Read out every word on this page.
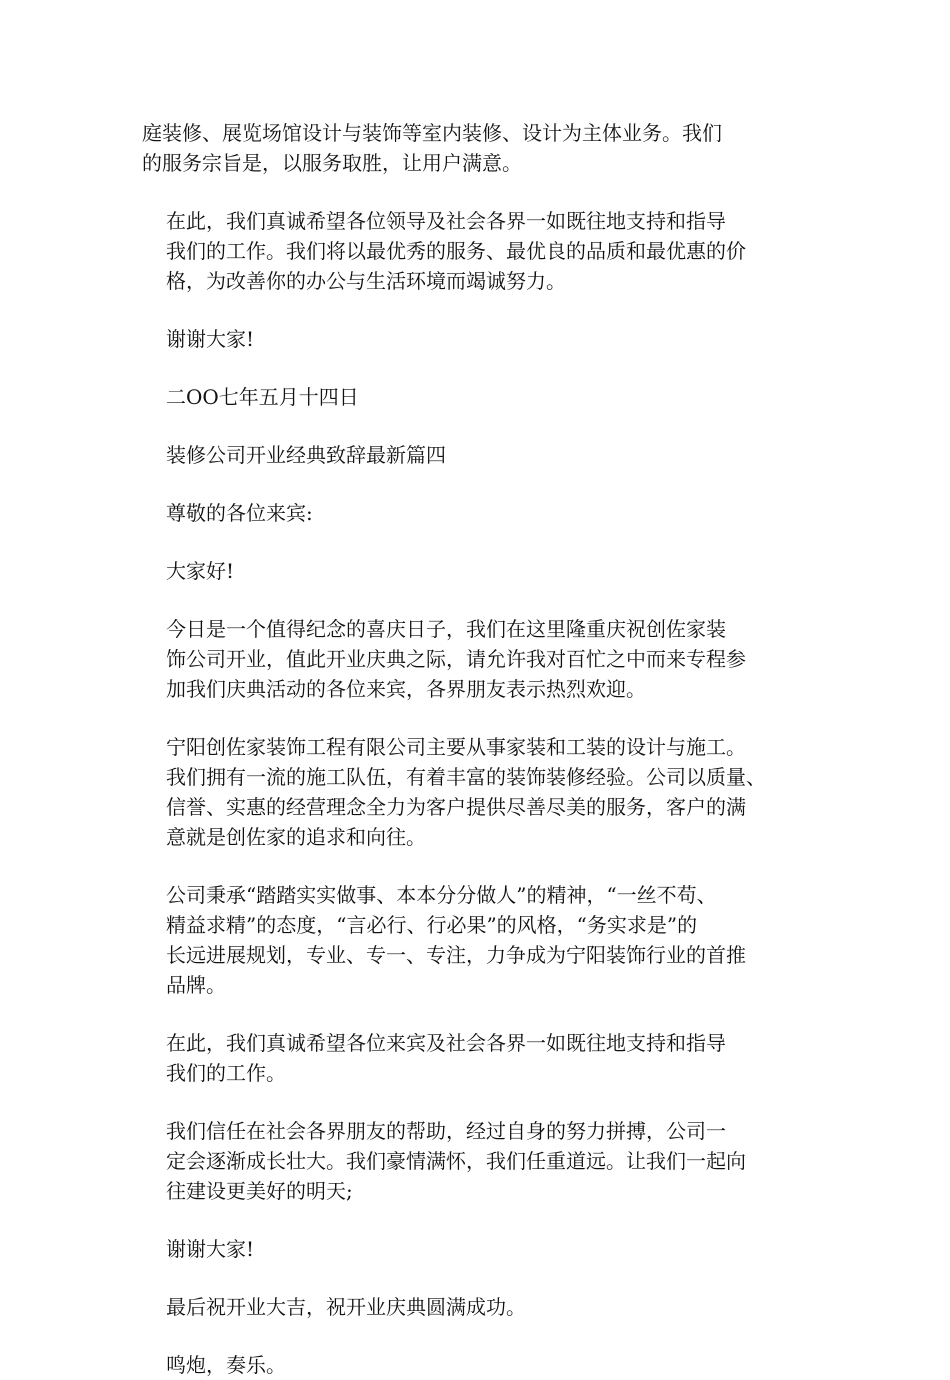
庭装修、展览场馆设计与装饰等室内装修、设计为主体业务。我们
的服务宗旨是，以服务取胜，让用户满意。

在此，我们真诚希望各位领导及社会各界一如既往地支持和指导
我们的工作。我们将以最优秀的服务、最优良的品质和最优惠的价
格，为改善你的办公与生活环境而竭诚努力。

谢谢大家!

二OO七年五月十四日

装修公司开业经典致辞最新篇四

尊敬的各位来宾:

大家好!

今日是一个值得纪念的喜庆日子，我们在这里隆重庆祝创佐家装
饰公司开业，值此开业庆典之际，请允许我对百忙之中而来专程参
加我们庆典活动的各位来宾，各界朋友表示热烈欢迎。

宁阳创佐家装饰工程有限公司主要从事家装和工装的设计与施工。
我们拥有一流的施工队伍，有着丰富的装饰装修经验。公司以质量、
信誉、实惠的经营理念全力为客户提供尽善尽美的服务，客户的满
意就是创佐家的追求和向往。

公司秉承“踏踏实实做事、本本分分做人”的精神，“一丝不苟、
精益求精”的态度，“言必行、行必果”的风格，“务实求是”的
长远进展规划，专业、专一、专注，力争成为宁阳装饰行业的首推
品牌。

在此，我们真诚希望各位来宾及社会各界一如既往地支持和指导
我们的工作。

我们信任在社会各界朋友的帮助，经过自身的努力拼搏，公司一
定会逐渐成长壮大。我们豪情满怀，我们任重道远。让我们一起向
往建设更美好的明天;

谢谢大家!

最后祝开业大吉，祝开业庆典圆满成功。

鸣炮，奏乐。
